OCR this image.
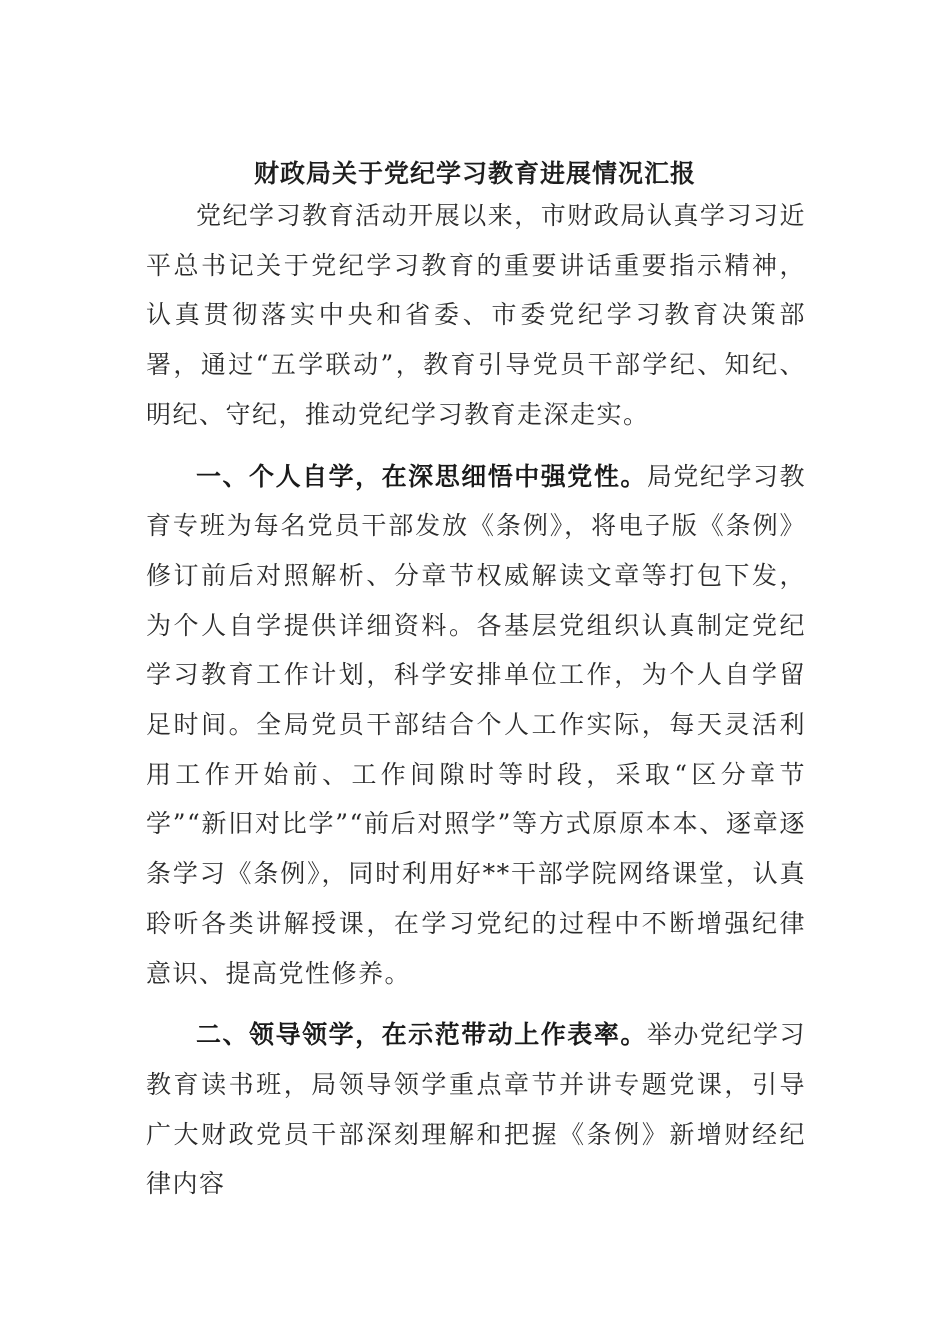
财政局关于党纪学习教育进展情况汇报

党纪学习教育活动开展以来，市财政局认真学习习近平总书记关于党纪学习教育的重要讲话重要指示精神，认真贯彻落实中央和省委、市委党纪学习教育决策部署，通过“五学联动”，教育引导党员干部学纪、知纪、明纪、守纪，推动党纪学习教育走深走实。

一、个人自学，在深思细悟中强党性。局党纪学习教育专班为每名党员干部发放《条例》，将电子版《条例》修订前后对照解析、分章节权威解读文章等打包下发，为个人自学提供详细资料。各基层党组织认真制定党纪学习教育工作计划，科学安排单位工作，为个人自学留足时间。全局党员干部结合个人工作实际，每天灵活利用工作开始前、工作间隙时等时段，采取“区分章节学”“新旧对比学”“前后对照学”等方式原原本本、逐章逐条学习《条例》，同时利用好**干部学院网络课堂，认真聆听各类讲解授课，在学习党纪的过程中不断增强纪律意识、提高党性修养。

二、领导领学，在示范带动上作表率。举办党纪学习教育读书班，局领导领学重点章节并讲专题党课，引导广大财政党员干部深刻理解和把握《条例》新增财经纪律内容
